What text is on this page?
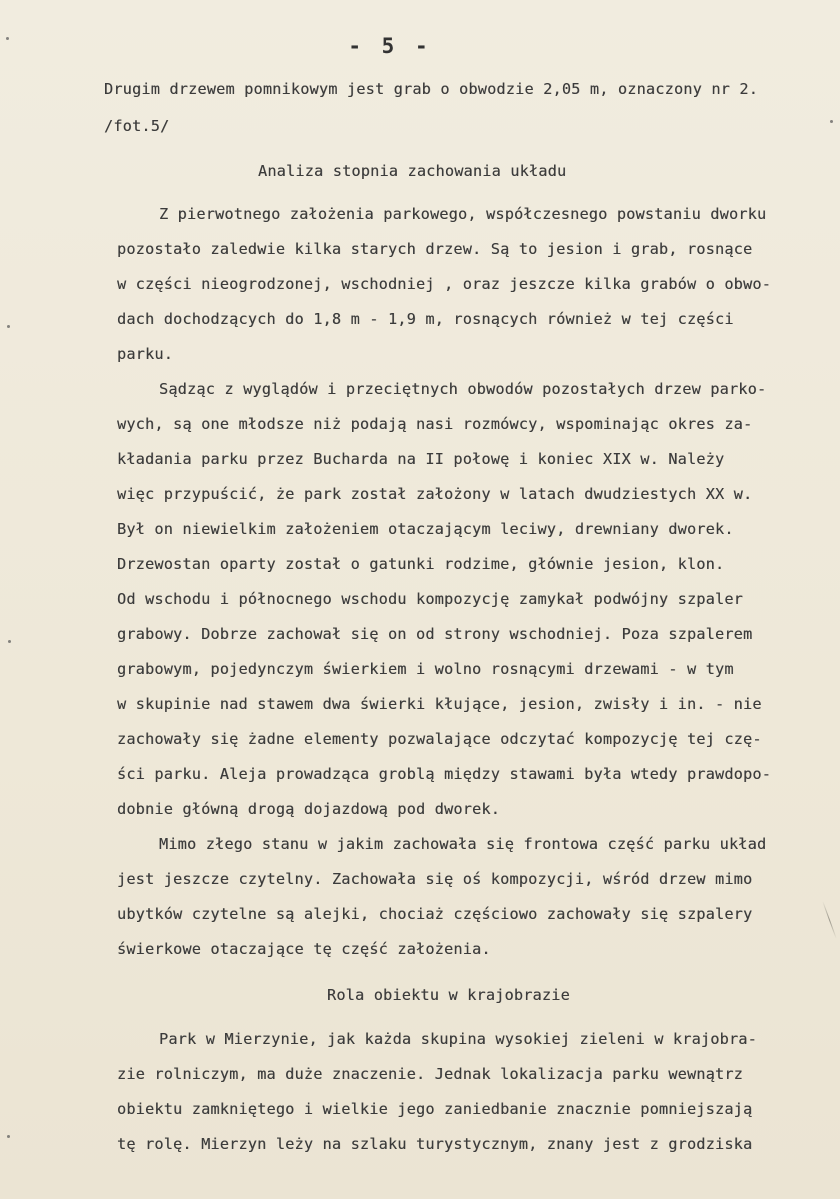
- 5 -
Drugim drzewem pomnikowym jest grab o obwodzie 2,05 m, oznaczony nr 2.
/fot.5/
Analiza stopnia zachowania układu
Z pierwotnego założenia parkowego, współczesnego powstaniu dworku
pozostało zaledwie kilka starych drzew. Są to jesion i grab, rosnące
w części nieogrodzonej, wschodniej , oraz jeszcze kilka grabów o obwo-
dach dochodzących do 1,8 m - 1,9 m, rosnących również w tej części
parku.
Sądząc z wyglądów i przeciętnych obwodów pozostałych drzew parko-
wych, są one młodsze niż podają nasi rozmówcy, wspominając okres za-
kładania parku przez Bucharda na II połowę i koniec XIX w. Należy
więc przypuścić, że park został założony w latach dwudziestych XX w.
Był on niewielkim założeniem otaczającym leciwy, drewniany dworek.
Drzewostan oparty został o gatunki rodzime, głównie jesion, klon.
Od wschodu i północnego wschodu kompozycję zamykał podwójny szpaler
grabowy. Dobrze zachował się on od strony wschodniej. Poza szpalerem
grabowym, pojedynczym świerkiem i wolno rosnącymi drzewami - w tym
w skupinie nad stawem dwa świerki kłujące, jesion, zwisły i in. - nie
zachowały się żadne elementy pozwalające odczytać kompozycję tej czę-
ści parku. Aleja prowadząca groblą między stawami była wtedy prawdopo-
dobnie główną drogą dojazdową pod dworek.
Mimo złego stanu w jakim zachowała się frontowa część parku układ
jest jeszcze czytelny. Zachowała się oś kompozycji, wśród drzew mimo
ubytków czytelne są alejki, chociaż częściowo zachowały się szpalery
świerkowe otaczające tę część założenia.
Rola obiektu w krajobrazie
Park w Mierzynie, jak każda skupina wysokiej zieleni w krajobra-
zie rolniczym, ma duże znaczenie. Jednak lokalizacja parku wewnątrz
obiektu zamkniętego i wielkie jego zaniedbanie znacznie pomniejszają
tę rolę. Mierzyn leży na szlaku turystycznym, znany jest z grodziska
